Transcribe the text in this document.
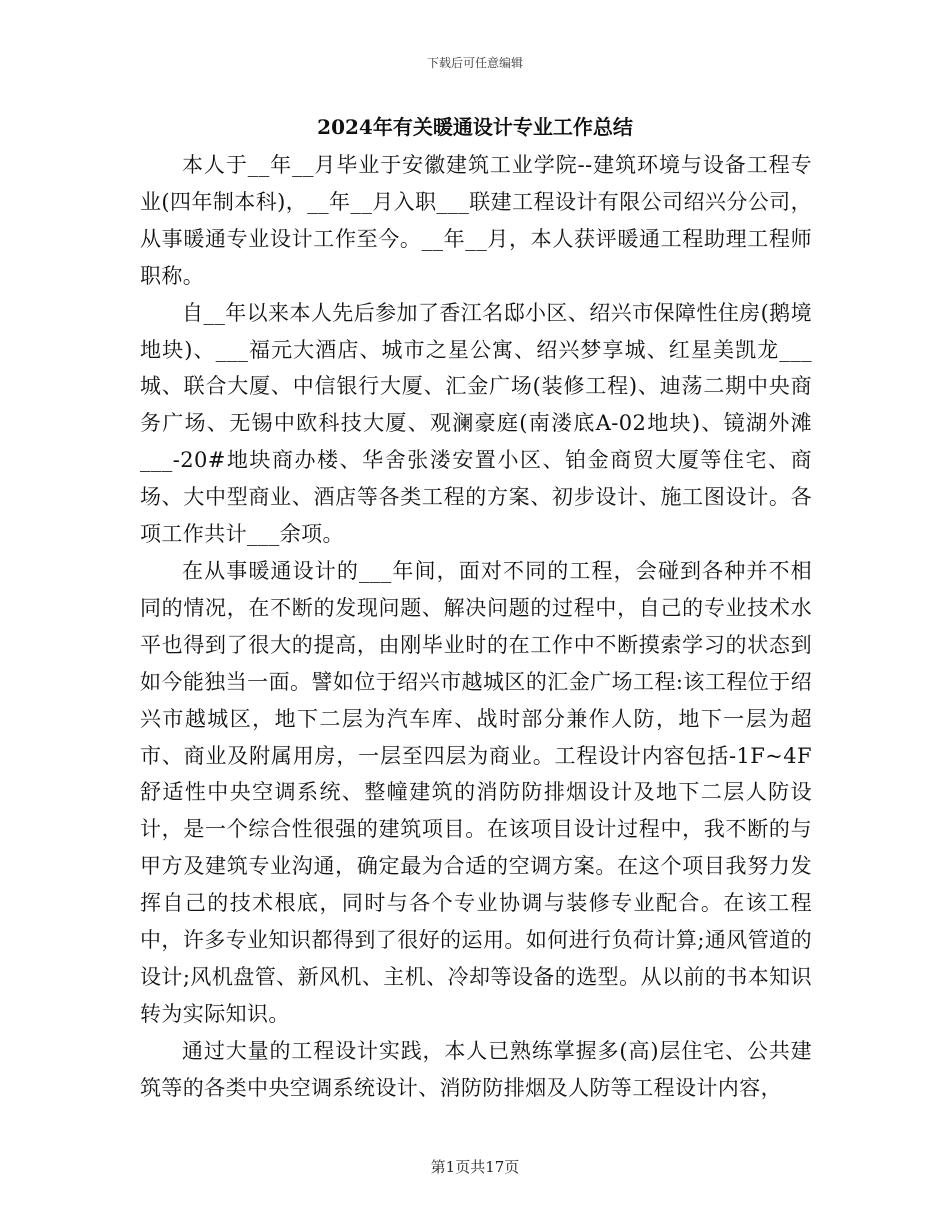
下载后可任意编辑
2024年有关暖通设计专业工作总结

本人于__年__月毕业于安徽建筑工业学院--建筑环境与设备工程专业(四年制本科)，__年__月入职___联建工程设计有限公司绍兴分公司，从事暖通专业设计工作至今。__年__月，本人获评暖通工程助理工程师职称。

自__年以来本人先后参加了香江名邸小区、绍兴市保障性住房(鹅境地块)、___福元大酒店、城市之星公寓、绍兴梦享城、红星美凯龙___城、联合大厦、中信银行大厦、汇金广场(装修工程)、迪荡二期中央商务广场、无锡中欧科技大厦、观澜豪庭(南溇底A-02地块)、镜湖外滩___-20#地块商办楼、华舍张溇安置小区、铂金商贸大厦等住宅、商场、大中型商业、酒店等各类工程的方案、初步设计、施工图设计。各项工作共计___余项。

在从事暖通设计的___年间，面对不同的工程，会碰到各种并不相同的情况，在不断的发现问题、解决问题的过程中，自己的专业技术水平也得到了很大的提高，由刚毕业时的在工作中不断摸索学习的状态到如今能独当一面。譬如位于绍兴市越城区的汇金广场工程:该工程位于绍兴市越城区，地下二层为汽车库、战时部分兼作人防，地下一层为超市、商业及附属用房，一层至四层为商业。工程设计内容包括-1F~4F舒适性中央空调系统、整幢建筑的消防防排烟设计及地下二层人防设计，是一个综合性很强的建筑项目。在该项目设计过程中，我不断的与甲方及建筑专业沟通，确定最为合适的空调方案。在这个项目我努力发挥自己的技术根底，同时与各个专业协调与装修专业配合。在该工程中，许多专业知识都得到了很好的运用。如何进行负荷计算;通风管道的设计;风机盘管、新风机、主机、冷却等设备的选型。从以前的书本知识转为实际知识。

通过大量的工程设计实践，本人已熟练掌握多(高)层住宅、公共建筑等的各类中央空调系统设计、消防防排烟及人防等工程设计内容，

第1页共17页
